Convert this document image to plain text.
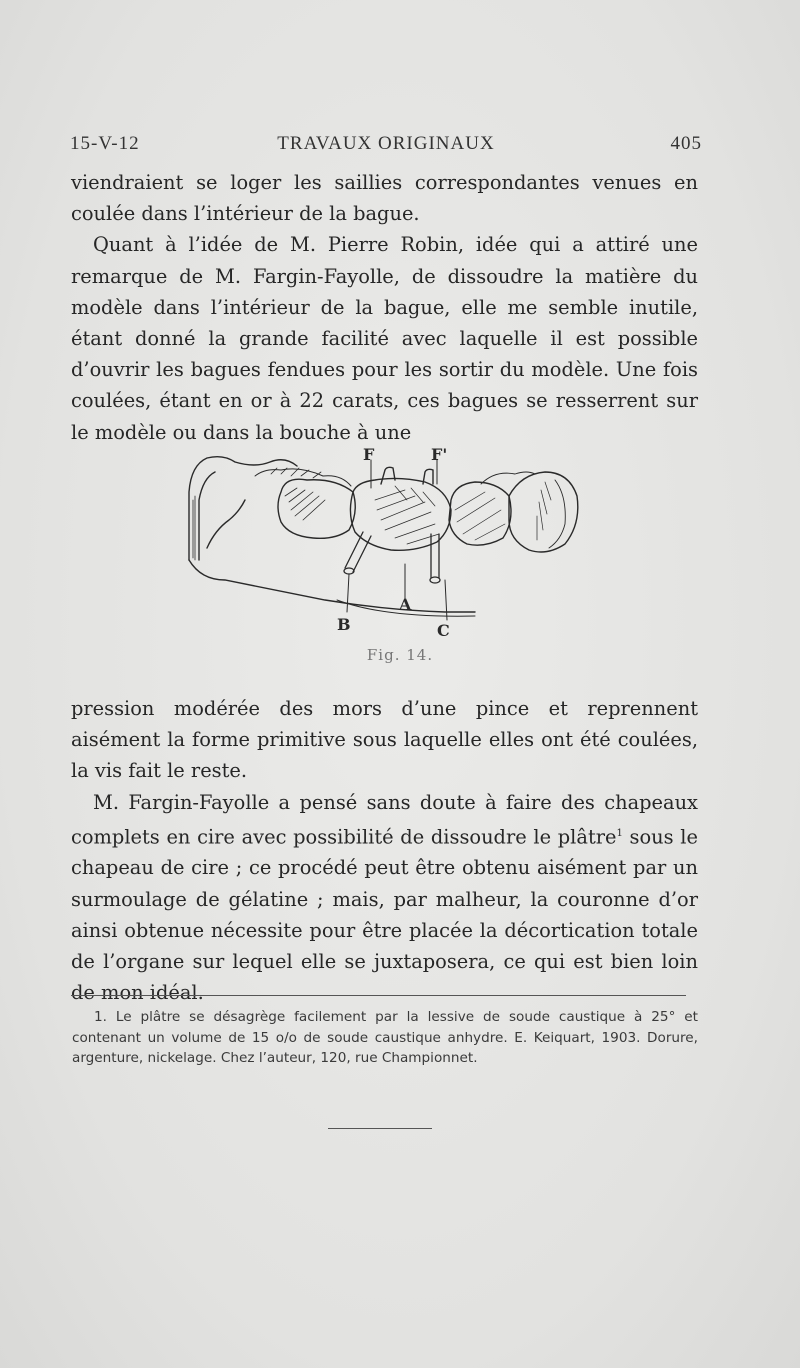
15-V-12	TRAVAUX ORIGINAUX	405

viendraient se loger les saillies correspondantes venues en coulée dans l’intérieur de la bague.

Quant à l’idée de M. Pierre Robin, idée qui a attiré une remarque de M. Fargin-Fayolle, de dissoudre la matière du modèle dans l’intérieur de la bague, elle me semble inutile, étant donné la grande facilité avec laquelle il est possible d’ouvrir les bagues fendues pour les sortir du modèle. Une fois coulées, étant en or à 22 carats, ces bagues se resserrent sur le modèle ou dans la bouche à une

F	F'
A
B	C
Fig. 14.

pression modérée des mors d’une pince et reprennent aisément la forme primitive sous laquelle elles ont été coulées, la vis fait le reste.

M. Fargin-Fayolle a pensé sans doute à faire des chapeaux complets en cire avec possibilité de dissoudre le plâtre$^1$ sous le chapeau de cire ; ce procédé peut être obtenu aisément par un surmoulage de gélatine ; mais, par malheur, la couronne d’or ainsi obtenue nécessite pour être placée la décortication totale de l’organe sur lequel elle se juxtaposera, ce qui est bien loin de mon idéal.

1. Le plâtre se désagrège facilement par la lessive de soude caustique à 25° et contenant un volume de 15 o/o de soude caustique anhydre. E. Keiquart, 1903. Dorure, argenture, nickelage. Chez l’auteur, 120, rue Championnet.
